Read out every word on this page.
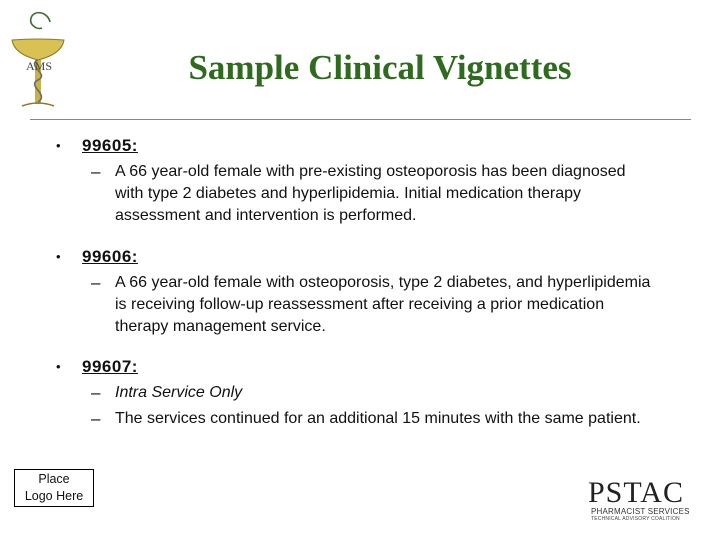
AMS	Sample Clinical Vignettes
• 99605:
– A 66 year-old female with pre-existing osteoporosis has been diagnosed with type 2 diabetes and hyperlipidemia. Initial medication therapy assessment and intervention is performed.
• 99606:
– A 66 year-old female with osteoporosis, type 2 diabetes, and hyperlipidemia is receiving follow-up reassessment after receiving a prior medication therapy management service.
• 99607:
– Intra Service Only
– The services continued for an additional 15 minutes with the same patient.
Place
Logo Here	PSTAC
PHARMACIST SERVICES
TECHNICAL ADVISORY COALITION
